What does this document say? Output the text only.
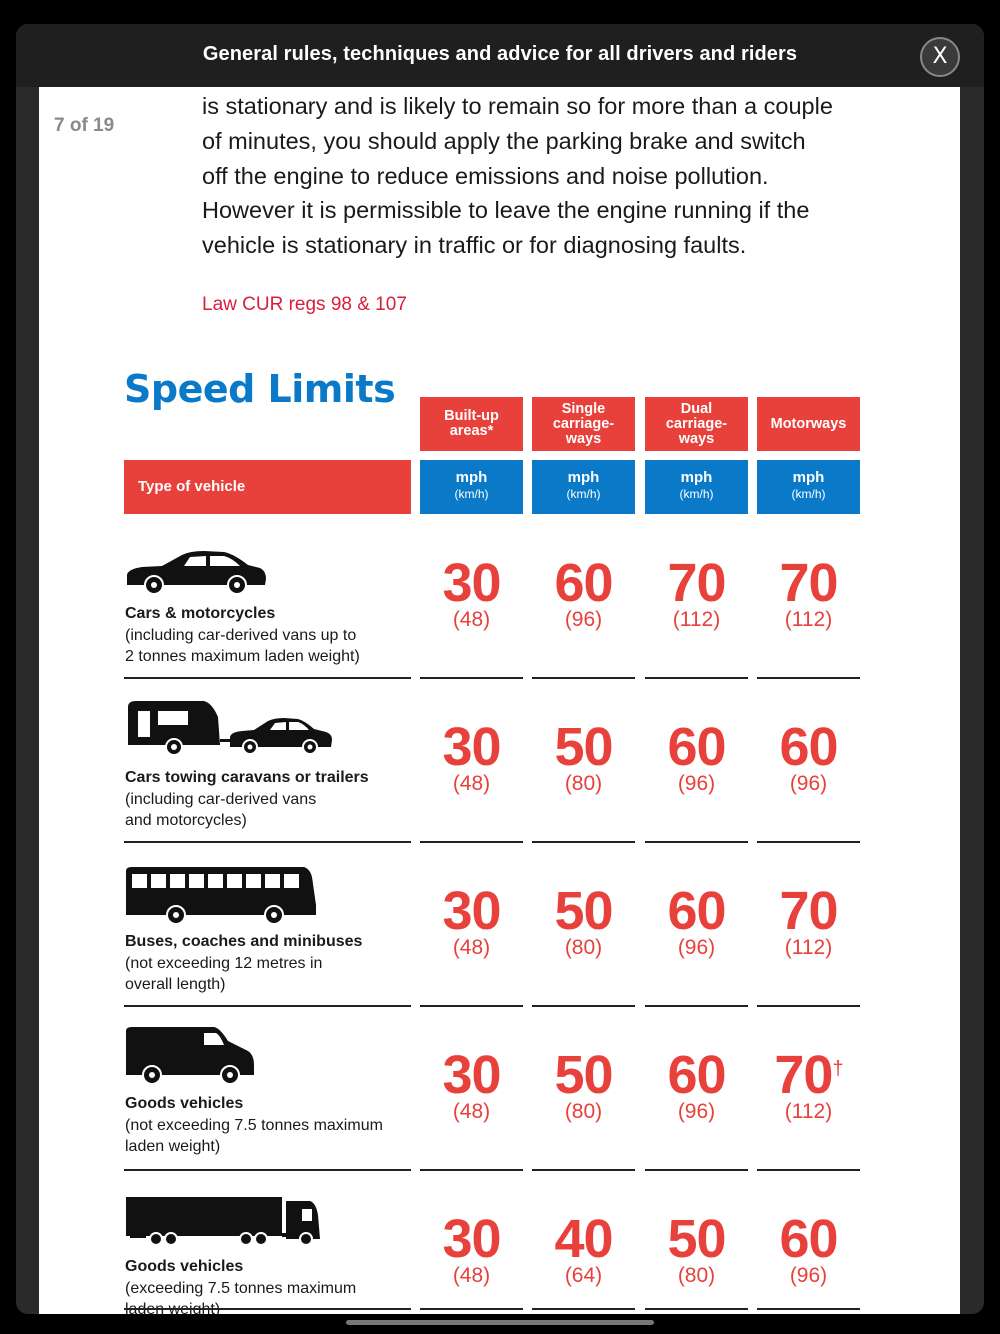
General rules, techniques and advice for all drivers and riders	X
7 of 19
is stationary and is likely to remain so for more than a couple
of minutes, you should apply the parking brake and switch
off the engine to reduce emissions and noise pollution.
However it is permissible to leave the engine running if the
vehicle is stationary in traffic or for diagnosing faults.
Law CUR regs 98 & 107
Speed Limits
Built-up areas*
Single carriage-ways
Dual carriage-ways
Motorways
Type of vehicle
mph
(km/h)
mph
(km/h)
mph
(km/h)
mph
(km/h)
Cars & motorcycles
(including car-derived vans up to
2 tonnes maximum laden weight)
30
(48)
60
(96)
70
(112)
70
(112)
Cars towing caravans or trailers
(including car-derived vans
and motorcycles)
30
(48)
50
(80)
60
(96)
60
(96)
Buses, coaches and minibuses
(not exceeding 12 metres in
overall length)
30
(48)
50
(80)
60
(96)
70
(112)
Goods vehicles
(not exceeding 7.5 tonnes maximum
laden weight)
30
(48)
50
(80)
60
(96)
70†
(112)
Goods vehicles
(exceeding 7.5 tonnes maximum
30
(48)
40
(64)
50
(80)
60
(96)
